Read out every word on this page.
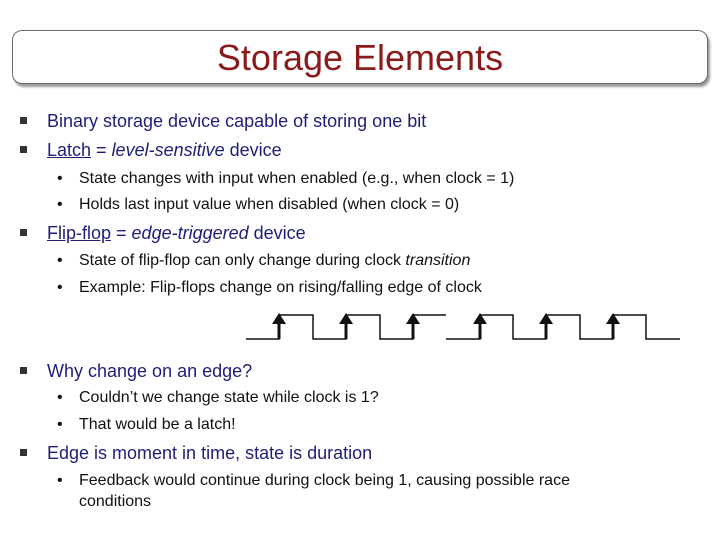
Storage Elements
Binary storage device capable of storing one bit
Latch = level-sensitive device
• State changes with input when enabled (e.g., when clock = 1)
• Holds last input value when disabled (when clock = 0)
Flip-flop = edge-triggered device
• State of flip-flop can only change during clock transition
• Example: Flip-flops change on rising/falling edge of clock
Why change on an edge?
• Couldn’t we change state while clock is 1?
• That would be a latch!
Edge is moment in time, state is duration
• Feedback would continue during clock being 1, causing possible race
conditions
